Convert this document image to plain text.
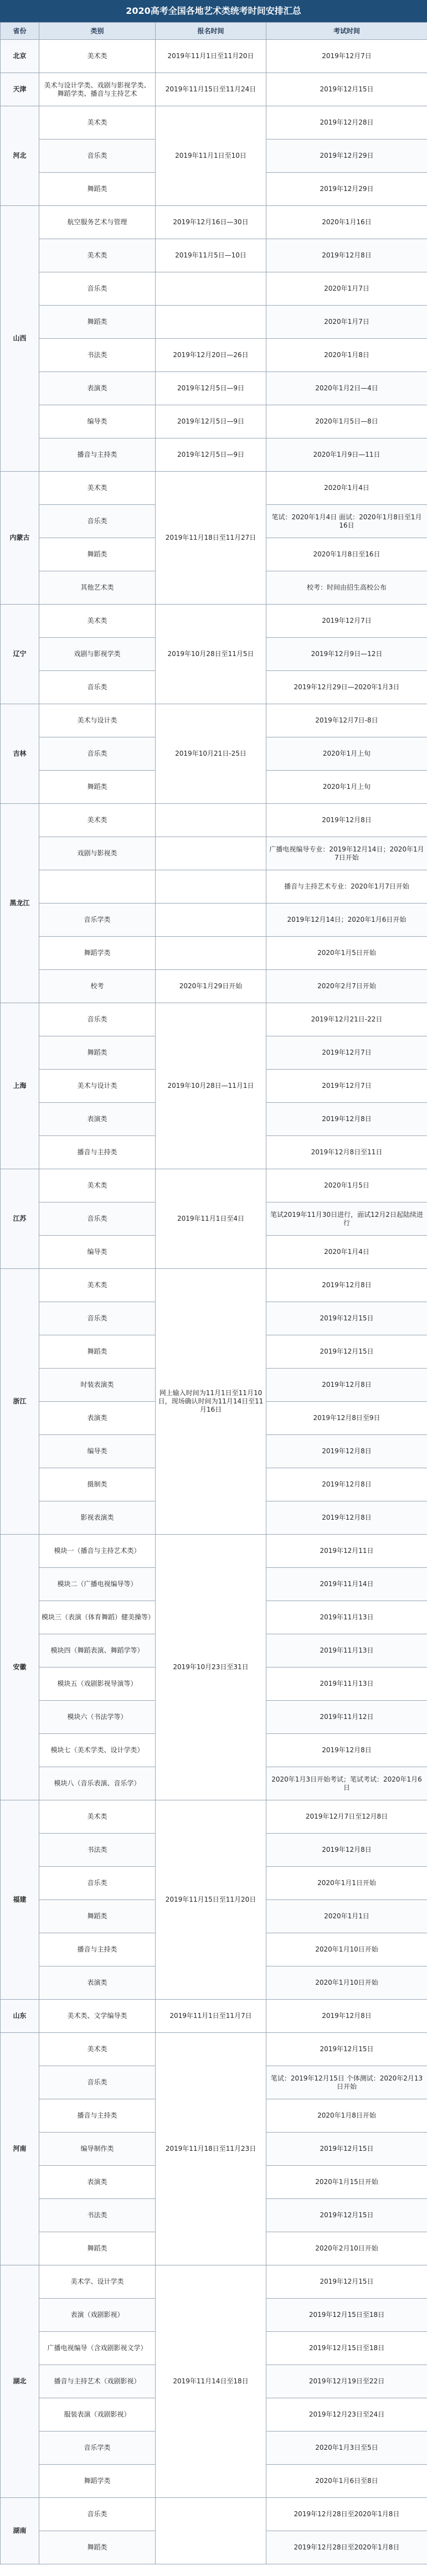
2020高考全国各地艺术类统考时间安排汇总
省份	类别	报名时间	考试时间
北京	美术类	2019年11月1日至11月20日	2019年12月7日
天津	美术与设计学类、戏剧与影视学类、舞蹈学类、播音与主持艺术	2019年11月15日至11月24日	2019年12月15日
河北	美术类	2019年11月1日至10日	2019年12月28日
	音乐类		2019年12月29日
	舞蹈类		2019年12月29日
山西	航空服务艺术与管理	2019年12月16日—30日	2020年1月16日
	美术类	2019年11月5日—10日	2019年12月8日
	音乐类		2020年1月7日
	舞蹈类		2020年1月7日
	书法类	2019年12月20日—26日	2020年1月8日
	表演类	2019年12月5日—9日	2020年1月2日—4日
	编导类	2019年12月5日—9日	2020年1月5日—8日
	播音与主持类	2019年12月5日—9日	2020年1月9日—11日
内蒙古	美术类	2019年11月18日至11月27日	2020年1月4日
	音乐类		笔试：2020年1月4日 面试：2020年1月8日至1月16日
	舞蹈类		2020年1月8日至16日
	其他艺术类		校考：时间由招生高校公布
辽宁	美术类	2019年10月28日至11月5日	2019年12月7日
	戏剧与影视学类		2019年12月9日—12日
	音乐类		2019年12月29日—2020年1月3日
吉林	美术与设计类	2019年10月21日-25日	2019年12月7日-8日
	音乐类		2020年1月上旬
	舞蹈类		2020年1月上旬
黑龙江	美术类		2019年12月8日
	戏剧与影视类		广播电视编导专业：2019年12月14日；2020年1月7日开始
			播音与主持艺术专业：2020年1月7日开始
	音乐学类		2019年12月14日；2020年1月6日开始
	舞蹈学类		2020年1月5日开始
	校考	2020年1月29日开始	2020年2月7日开始
上海	音乐类	2019年10月28日—11月1日	2019年12月21日-22日
	舞蹈类		2019年12月7日
	美术与设计类		2019年12月7日
	表演类		2019年12月8日
	播音与主持类		2019年12月8日至11日
江苏	美术类	2019年11月1日至4日	2020年1月5日
	音乐类		笔试2019年11月30日进行，面试12月2日起陆续进行
	编导类		2020年1月4日
浙江	美术类	网上输入时间为11月1日至11月10日，现场确认时间为11月14日至11月16日	2019年12月8日
	音乐类		2019年12月15日
	舞蹈类		2019年12月15日
	时装表演类		2019年12月8日
	表演类		2019年12月8日至9日
	编导类		2019年12月8日
	摄制类		2019年12月8日
	影视表演类		2019年12月8日
安徽	模块一（播音与主持艺术类）	2019年10月23日至31日	2019年12月11日
	模块二（广播电视编导等）		2019年11月14日
	模块三（表演（体育舞蹈）健美操等）		2019年11月13日
	模块四（舞蹈表演、舞蹈学等）		2019年11月13日
	模块五（戏剧影视导演等）		2019年11月13日
	模块六（书法学等）		2019年11月12日
	模块七（美术学类、设计学类）		2019年12月8日
	模块八（音乐表演、音乐学）		2020年1月3日开始考试；笔试考试：2020年1月6日
福建	美术类	2019年11月15日至11月20日	2019年12月7日至12月8日
	书法类		2019年12月8日
	音乐类		2020年1月1日开始
	舞蹈类		2020年1月1日
	播音与主持类		2020年1月10日开始
	表演类		2020年1月10日开始
山东	美术类、文学编导类	2019年11月1日至11月7日	2019年12月8日
河南	美术类	2019年11月18日至11月23日	2019年12月15日
	音乐类		笔试：2019年12月15日 个体测试：2020年2月13日开始
	播音与主持类		2020年1月8日开始
	编导制作类		2019年12月15日
	表演类		2020年1月15日开始
	书法类		2019年12月15日
	舞蹈类		2020年2月10日开始
湖北	美术学、设计学类	2019年11月14日至18日	2019年12月15日
	表演（戏剧影视）		2019年12月15日至18日
	广播电视编导（含戏剧影视文学）		2019年12月15日至18日
	播音与主持艺术（戏剧影视）		2019年12月19日至22日
	服装表演（戏剧影视）		2019年12月23日至24日
	音乐学类		2020年1月3日至5日
	舞蹈学类		2020年1月6日至8日
湖南	音乐类		2019年12月28日至2020年1月8日
	舞蹈类		2019年12月28日至2020年1月8日
